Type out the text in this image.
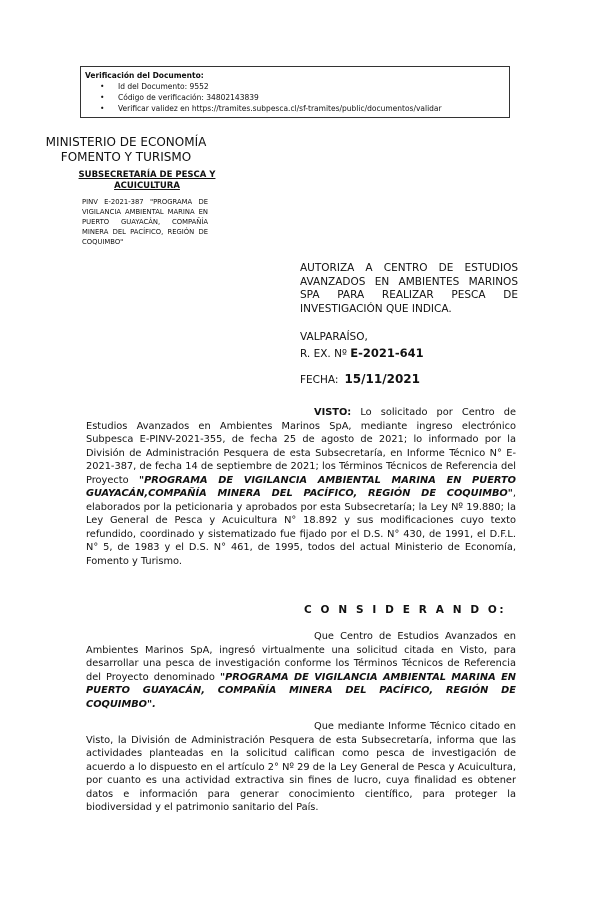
Verificación del Documento:
• Id del Documento: 9552
• Código de verificación: 34802143839
• Verificar validez en https://tramites.subpesca.cl/sf-tramites/public/documentos/validar
MINISTERIO DE ECONOMÍA
FOMENTO Y TURISMO
SUBSECRETARÍA DE PESCA Y ACUICULTURA
PINV E-2021-387 "PROGRAMA DE VIGILANCIA AMBIENTAL MARINA EN PUERTO GUAYACÁN, COMPAÑÍA MINERA DEL PACÍFICO, REGIÓN DE COQUIMBO"
AUTORIZA A CENTRO DE ESTUDIOS AVANZADOS EN AMBIENTES MARINOS SPA PARA REALIZAR PESCA DE INVESTIGACIÓN QUE INDICA.
VALPARAÍSO,
R. EX. Nº E-2021-641
FECHA: 15/11/2021
VISTO: Lo solicitado por Centro de Estudios Avanzados en Ambientes Marinos SpA, mediante ingreso electrónico Subpesca E-PINV-2021-355, de fecha 25 de agosto de 2021; lo informado por la División de Administración Pesquera de esta Subsecretaría, en Informe Técnico N° E-2021-387, de fecha 14 de septiembre de 2021; los Términos Técnicos de Referencia del Proyecto "PROGRAMA DE VIGILANCIA AMBIENTAL MARINA EN PUERTO GUAYACÁN,COMPAÑÍA MINERA DEL PACÍFICO, REGIÓN DE COQUIMBO", elaborados por la peticionaria y aprobados por esta Subsecretaría; la Ley Nº 19.880; la Ley General de Pesca y Acuicultura N° 18.892 y sus modificaciones cuyo texto refundido, coordinado y sistematizado fue fijado por el D.S. N° 430, de 1991, el D.F.L. N° 5, de 1983 y el D.S. N° 461, de 1995, todos del actual Ministerio de Economía, Fomento y Turismo.
C O N S I D E R A N D O:
Que Centro de Estudios Avanzados en Ambientes Marinos SpA, ingresó virtualmente una solicitud citada en Visto, para desarrollar una pesca de investigación conforme los Términos Técnicos de Referencia del Proyecto denominado "PROGRAMA DE VIGILANCIA AMBIENTAL MARINA EN PUERTO GUAYACÁN, COMPAÑÍA MINERA DEL PACÍFICO, REGIÓN DE COQUIMBO".
Que mediante Informe Técnico citado en Visto, la División de Administración Pesquera de esta Subsecretaría, informa que las actividades planteadas en la solicitud califican como pesca de investigación de acuerdo a lo dispuesto en el artículo 2° Nº 29 de la Ley General de Pesca y Acuicultura, por cuanto es una actividad extractiva sin fines de lucro, cuya finalidad es obtener datos e información para generar conocimiento científico, para proteger la biodiversidad y el patrimonio sanitario del País.
